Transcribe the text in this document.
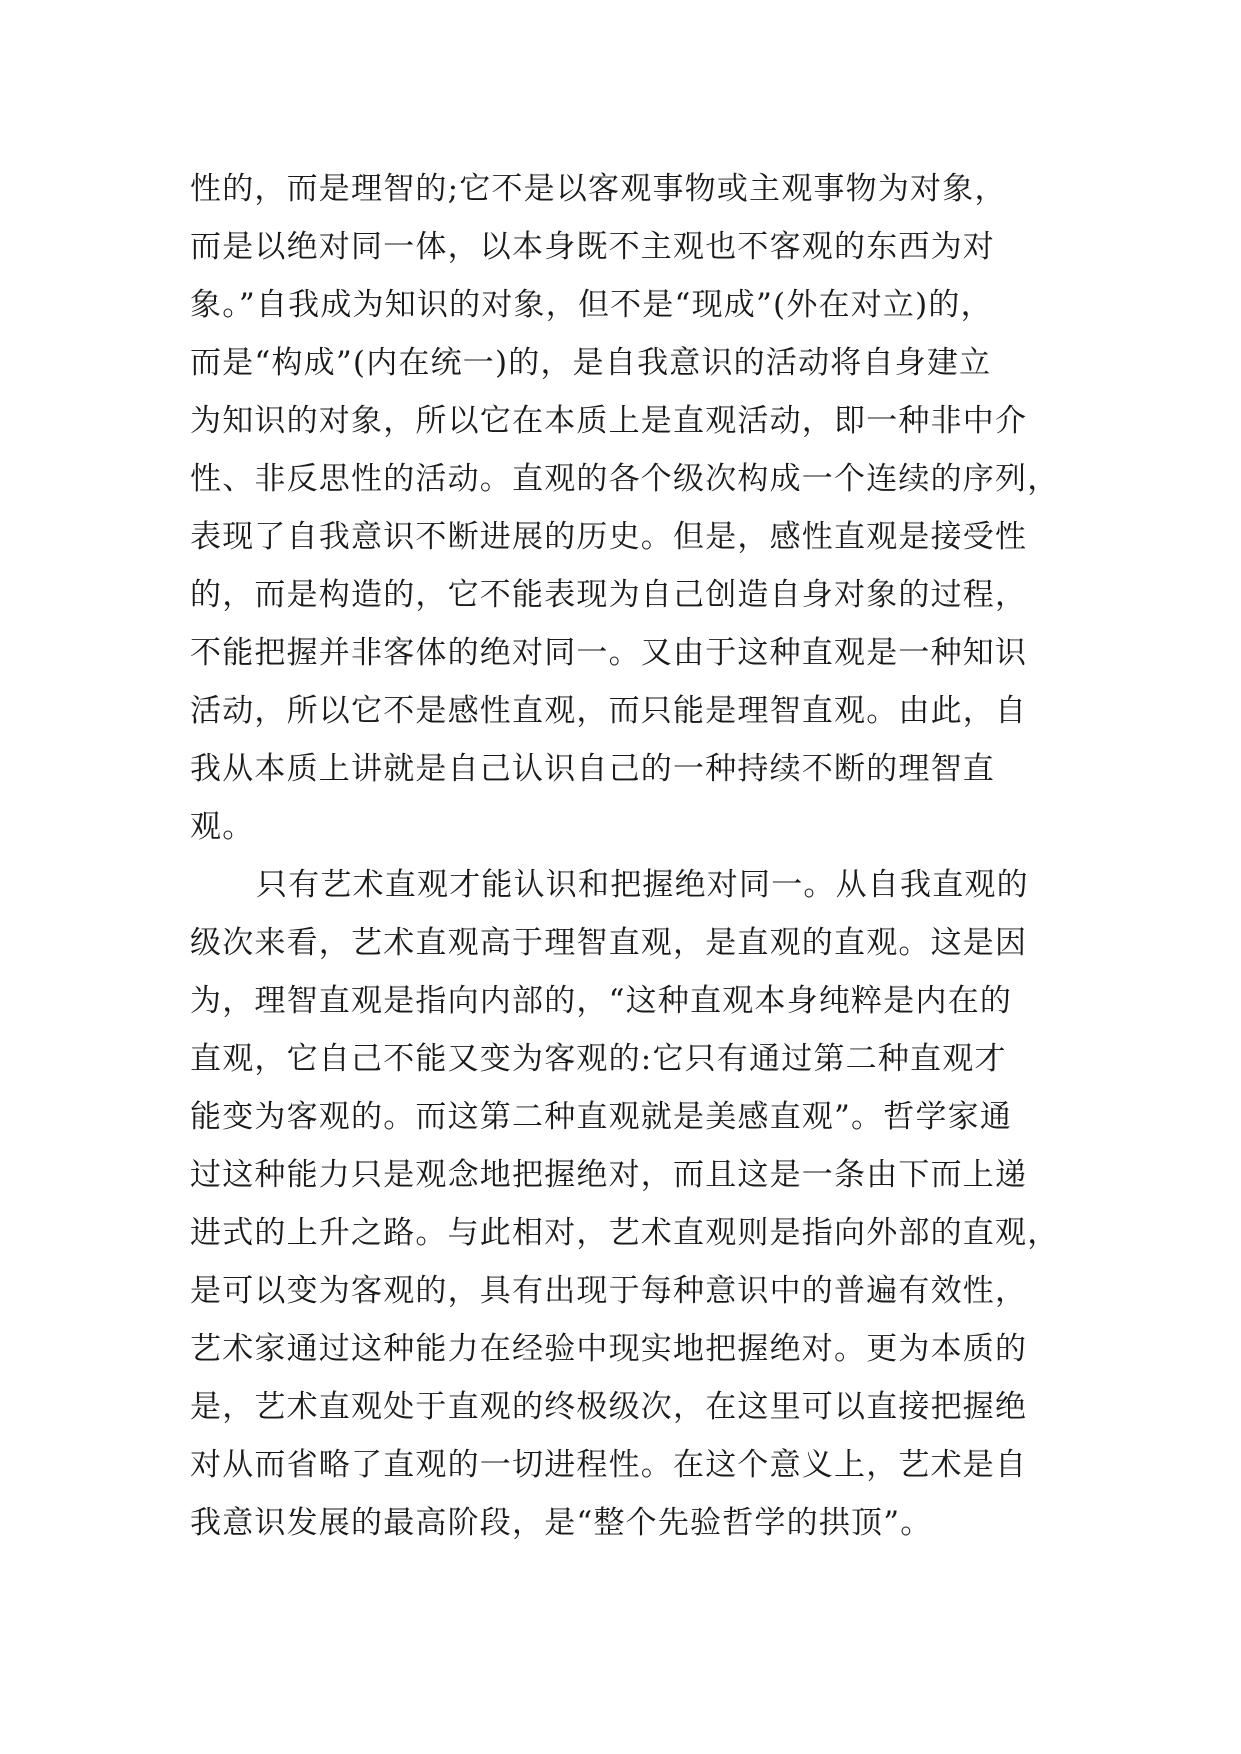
性的，而是理智的;它不是以客观事物或主观事物为对象，
而是以绝对同一体，以本身既不主观也不客观的东西为对
象。”自我成为知识的对象，但不是“现成”(外在对立)的，
而是“构成”(内在统一)的，是自我意识的活动将自身建立
为知识的对象，所以它在本质上是直观活动，即一种非中介
性、非反思性的活动。直观的各个级次构成一个连续的序列，
表现了自我意识不断进展的历史。但是，感性直观是接受性
的，而是构造的，它不能表现为自己创造自身对象的过程，
不能把握并非客体的绝对同一。又由于这种直观是一种知识
活动，所以它不是感性直观，而只能是理智直观。由此，自
我从本质上讲就是自己认识自己的一种持续不断的理智直
观。
只有艺术直观才能认识和把握绝对同一。从自我直观的
级次来看，艺术直观高于理智直观，是直观的直观。这是因
为，理智直观是指向内部的，“这种直观本身纯粹是内在的
直观，它自己不能又变为客观的:它只有通过第二种直观才
能变为客观的。而这第二种直观就是美感直观”。哲学家通
过这种能力只是观念地把握绝对，而且这是一条由下而上递
进式的上升之路。与此相对，艺术直观则是指向外部的直观，
是可以变为客观的，具有出现于每种意识中的普遍有效性，
艺术家通过这种能力在经验中现实地把握绝对。更为本质的
是，艺术直观处于直观的终极级次，在这里可以直接把握绝
对从而省略了直观的一切进程性。在这个意义上，艺术是自
我意识发展的最高阶段，是“整个先验哲学的拱顶”。
